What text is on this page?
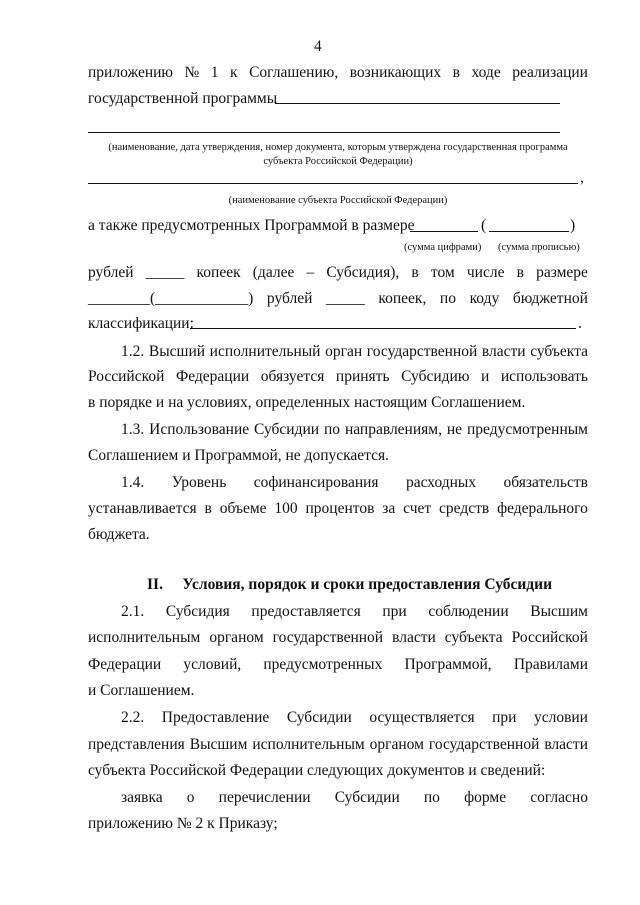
4
приложению № 1 к Соглашению, возникающих в ходе реализации
государственной программы
(наименование, дата утверждения, номер документа, которым утверждена государственная программа
субъекта Российской Федерации)
,
(наименование субъекта Российской Федерации)
а также предусмотренных Программой в размере	(	)
(сумма цифрами) (сумма прописью)
рублей _____ копеек (далее – Субсидия), в том числе в размере
________(____________) рублей _____ копеек, по коду бюджетной
классификации:	.
1.2. Высший исполнительный орган государственной власти субъекта
Российской Федерации обязуется принять Субсидию и использовать
в порядке и на условиях, определенных настоящим Соглашением.
1.3. Использование Субсидии по направлениям, не предусмотренным
Соглашением и Программой, не допускается.
1.4. Уровень софинансирования расходных обязательств
устанавливается в объеме 100 процентов за счет средств федерального
бюджета.
II.     Условия, порядок и сроки предоставления Субсидии
2.1. Субсидия предоставляется при соблюдении Высшим
исполнительным органом государственной власти субъекта Российской
Федерации условий, предусмотренных Программой, Правилами
и Соглашением.
2.2. Предоставление Субсидии осуществляется при условии
представления Высшим исполнительным органом государственной власти
субъекта Российской Федерации следующих документов и сведений:
заявка о перечислении Субсидии по форме согласно
приложению № 2 к Приказу;
